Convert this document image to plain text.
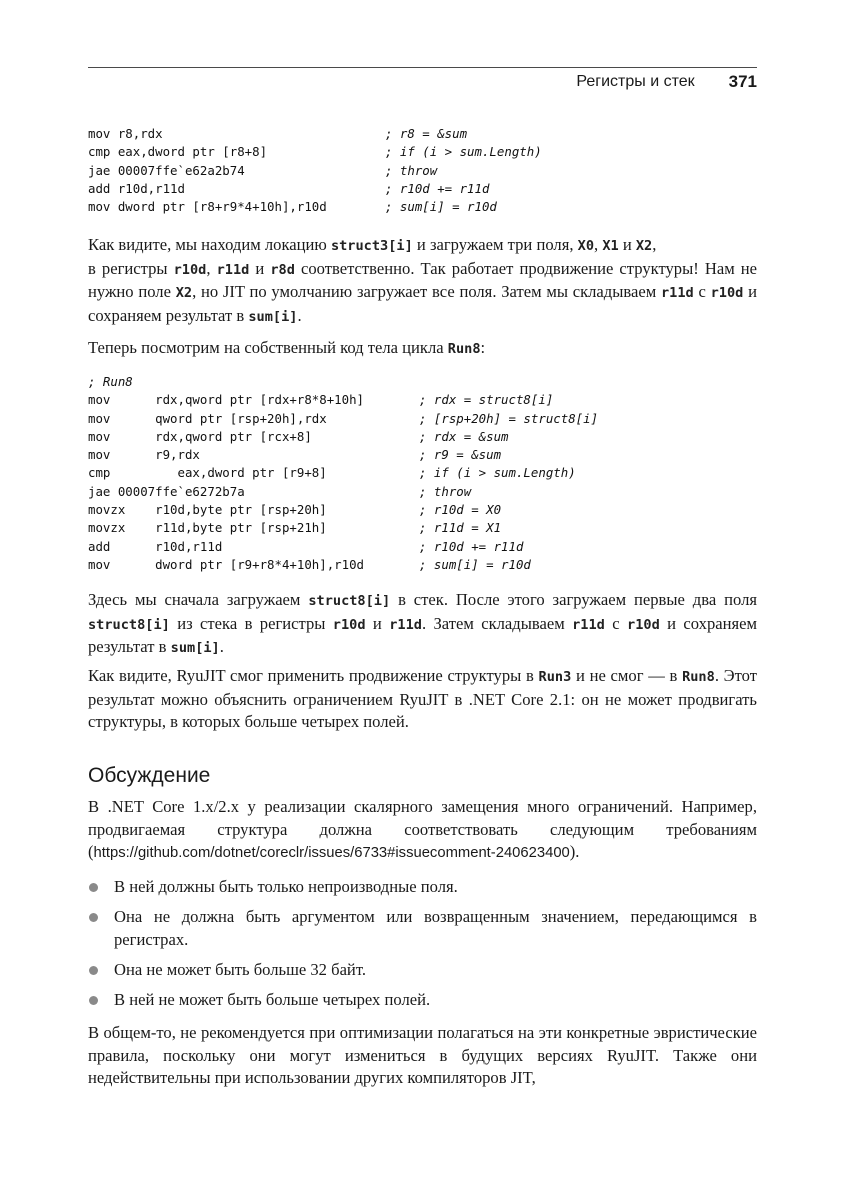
Регистры и стек 371
mov r8,rdx	; r8 = &sum
cmp eax,dword ptr [r8+8]	; if (i > sum.Length)
jae 00007ffe`e62a2b74	; throw
add r10d,r11d	; r10d += r11d
mov dword ptr [r8+r9*4+10h],r10d	; sum[i] = r10d

Как видите, мы находим локацию struct3[i] и загружаем три поля, X0, X1 и X2,
в регистры r10d, r11d и r8d соответственно. Так работает продвижение структуры! Нам не нужно поле X2, но JIT по умолчанию загружает все поля. Затем мы складываем r11d с r10d и сохраняем результат в sum[i].

Теперь посмотрим на собственный код тела цикла Run8:

; Run8
mov      rdx,qword ptr [rdx+r8*8+10h]	; rdx = struct8[i]
mov      qword ptr [rsp+20h],rdx	; [rsp+20h] = struct8[i]
mov      rdx,qword ptr [rcx+8]	; rdx = &sum
mov      r9,rdx	; r9 = &sum
cmp         eax,dword ptr [r9+8]	; if (i > sum.Length)
jae 00007ffe`e6272b7a	; throw
movzx    r10d,byte ptr [rsp+20h]	; r10d = X0
movzx    r11d,byte ptr [rsp+21h]	; r11d = X1
add      r10d,r11d	; r10d += r11d
mov      dword ptr [r9+r8*4+10h],r10d	; sum[i] = r10d

Здесь мы сначала загружаем struct8[i] в стек. После этого загружаем первые два поля struct8[i] из стека в регистры r10d и r11d. Затем складываем r11d с r10d и сохраняем результат в sum[i].

Как видите, RyuJIT смог применить продвижение структуры в Run3 и не смог — в Run8. Этот результат можно объяснить ограничением RyuJIT в .NET Core 2.1: он не может продвигать структуры, в которых больше четырех полей.

Обсуждение

В .NET Core 1.x/2.x у реализации скалярного замещения много ограничений. Например, продвигаемая структура должна соответствовать следующим требованиям (https://github.com/dotnet/coreclr/issues/6733#issuecomment-240623400).

В ней должны быть только непроизводные поля.
Она не должна быть аргументом или возвращенным значением, передающимся в регистрах.
Она не может быть больше 32 байт.
В ней не может быть больше четырех полей.

В общем-то, не рекомендуется при оптимизации полагаться на эти конкретные эвристические правила, поскольку они могут измениться в будущих версиях RyuJIT. Также они недействительны при использовании других компиляторов JIT,
